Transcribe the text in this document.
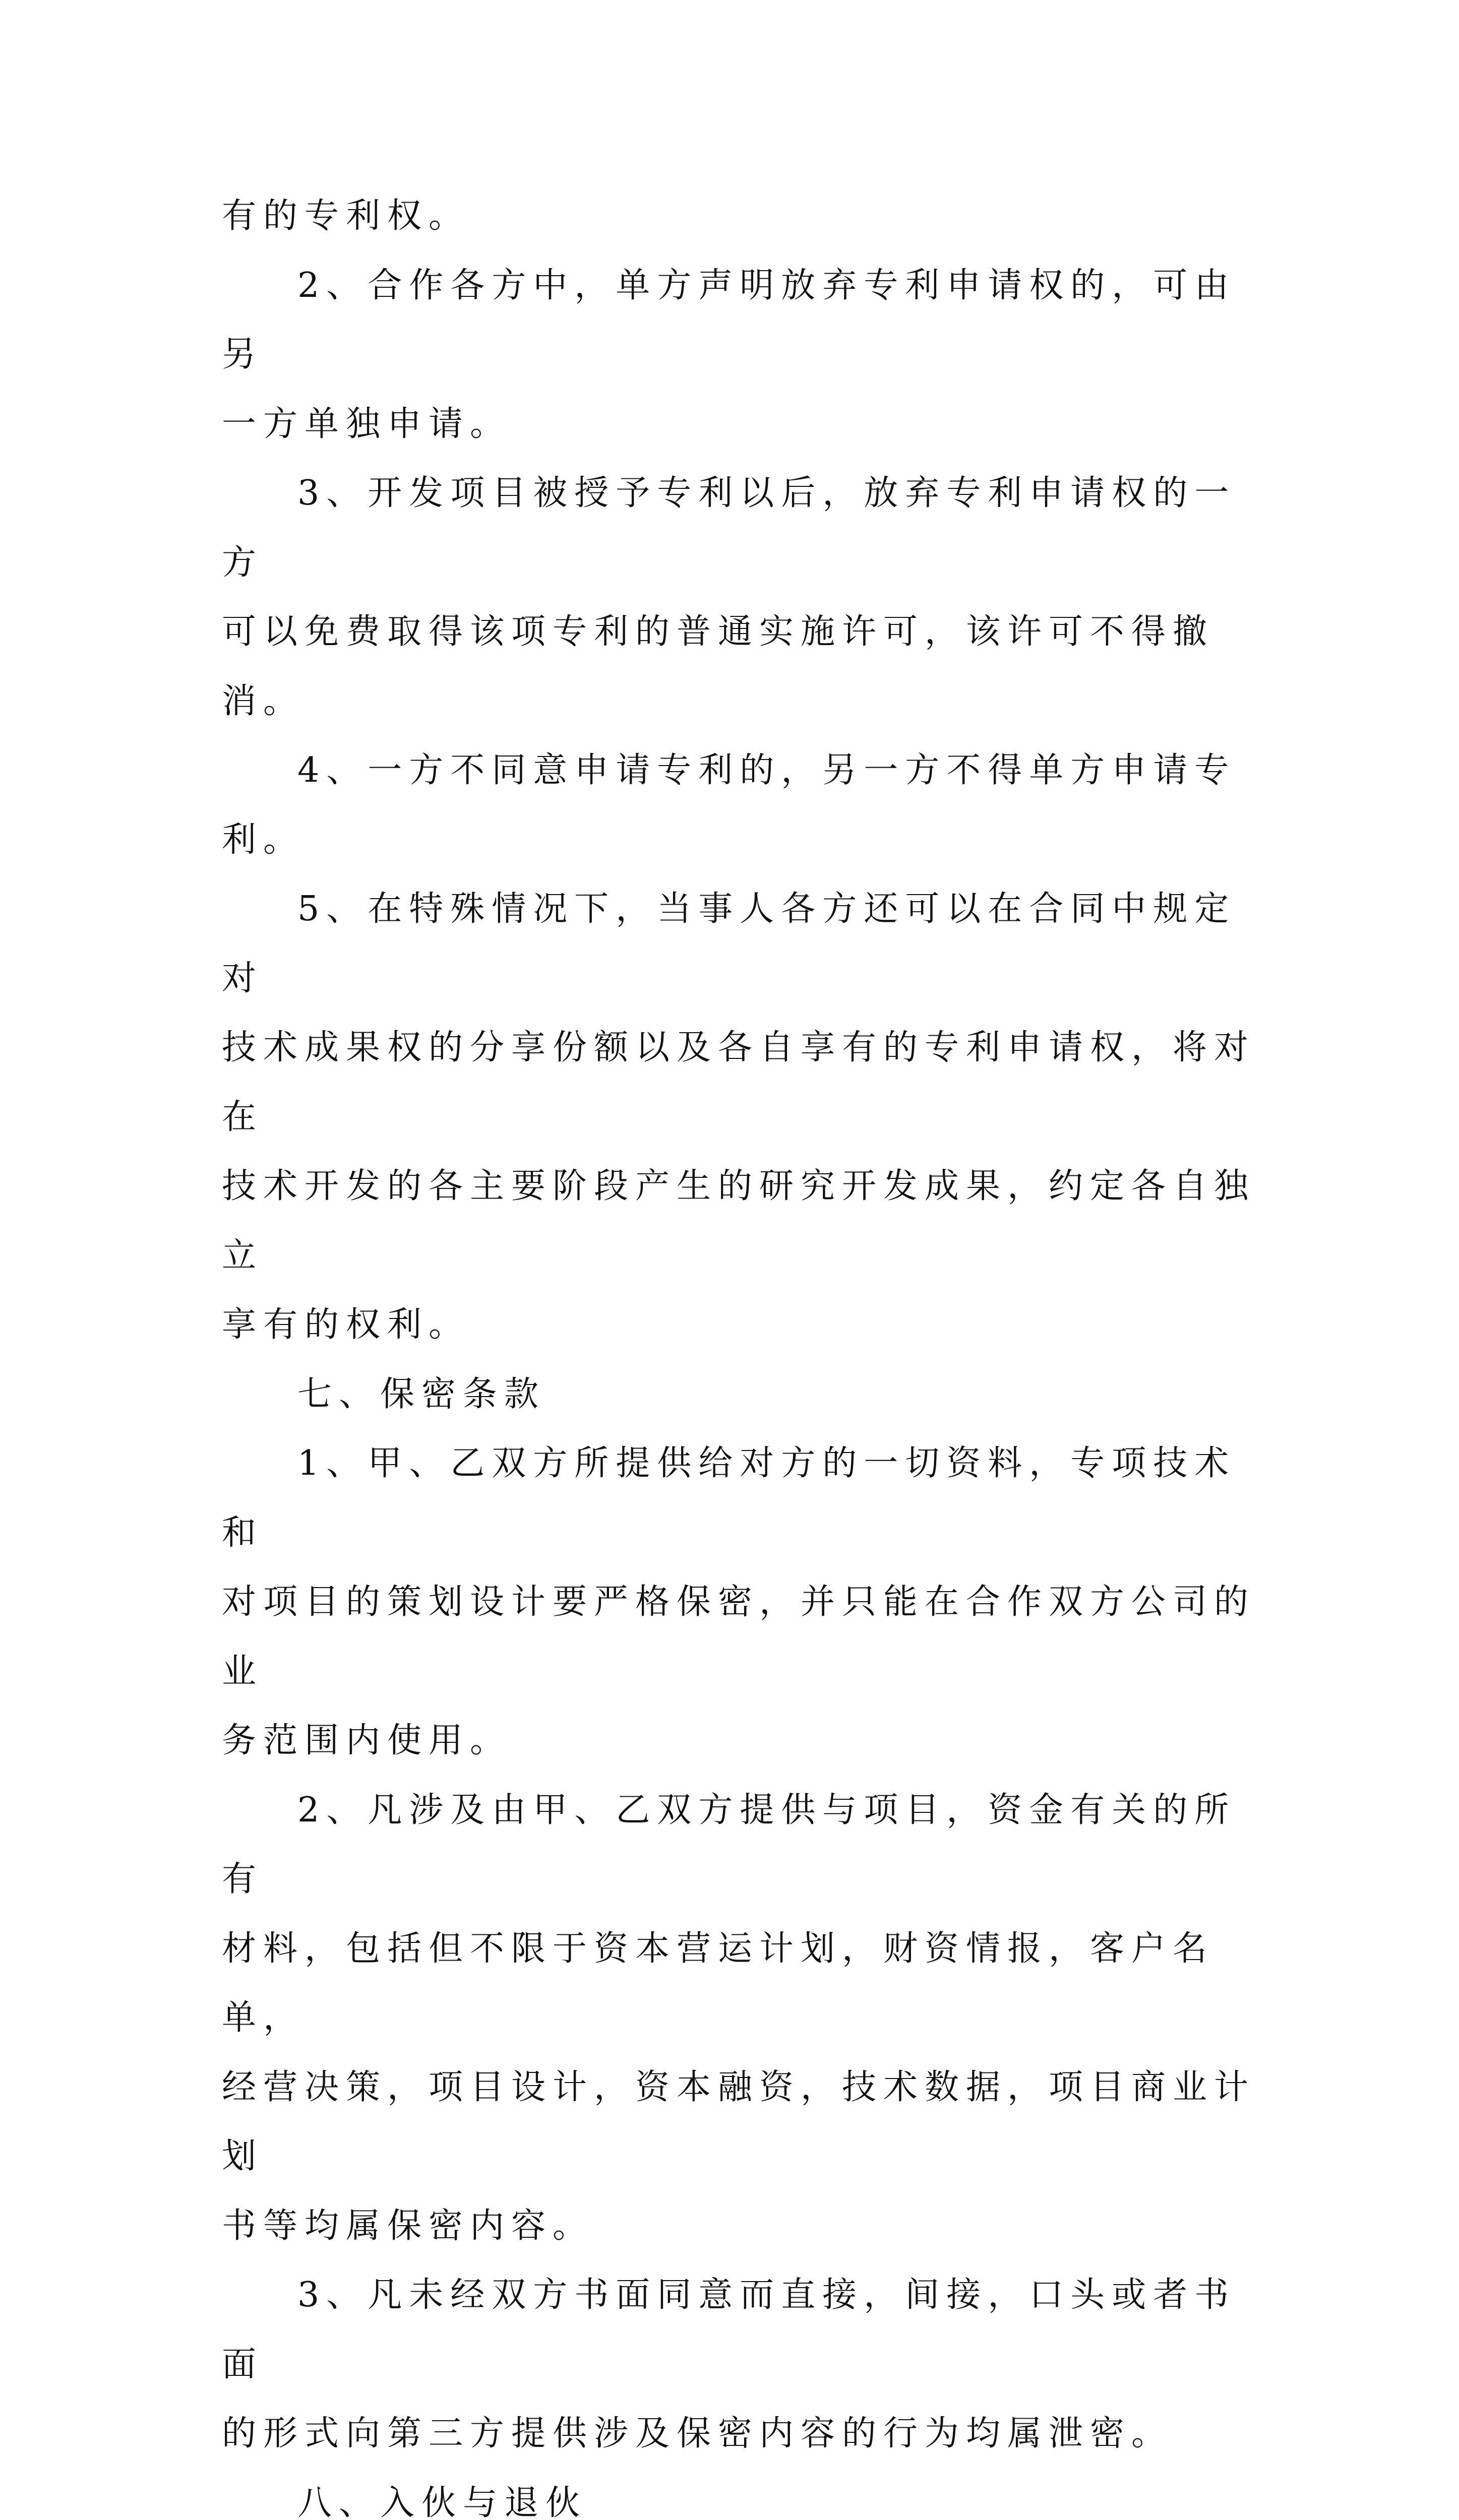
有的专利权。

2、合作各方中，单方声明放弃专利申请权的，可由另
一方单独申请。

3、开发项目被授予专利以后，放弃专利申请权的一方
可以免费取得该项专利的普通实施许可，该许可不得撤消。

4、一方不同意申请专利的，另一方不得单方申请专利。

5、在特殊情况下，当事人各方还可以在合同中规定对
技术成果权的分享份额以及各自享有的专利申请权，将对在
技术开发的各主要阶段产生的研究开发成果，约定各自独立
享有的权利。

七、保密条款

1、甲、乙双方所提供给对方的一切资料，专项技术和
对项目的策划设计要严格保密，并只能在合作双方公司的业
务范围内使用。

2、凡涉及由甲、乙双方提供与项目，资金有关的所有
材料，包括但不限于资本营运计划，财资情报，客户名单，
经营决策，项目设计，资本融资，技术数据，项目商业计划
书等均属保密内容。

3、凡未经双方书面同意而直接，间接，口头或者书面
的形式向第三方提供涉及保密内容的行为均属泄密。

八、入伙与退伙
